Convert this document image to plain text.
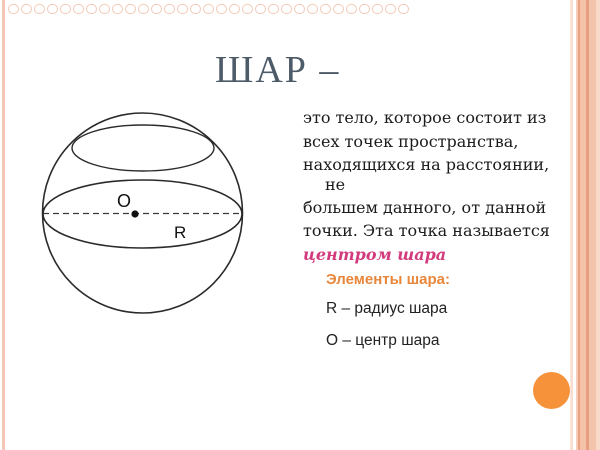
ШАР –
O
R
это тело, которое состоит из
всех точек пространства,
находящихся на расстоянии,
не
большем данного, от данной
точки. Эта точка называется
центром шара
Элементы шара:
R – радиус шара
О – центр шара
